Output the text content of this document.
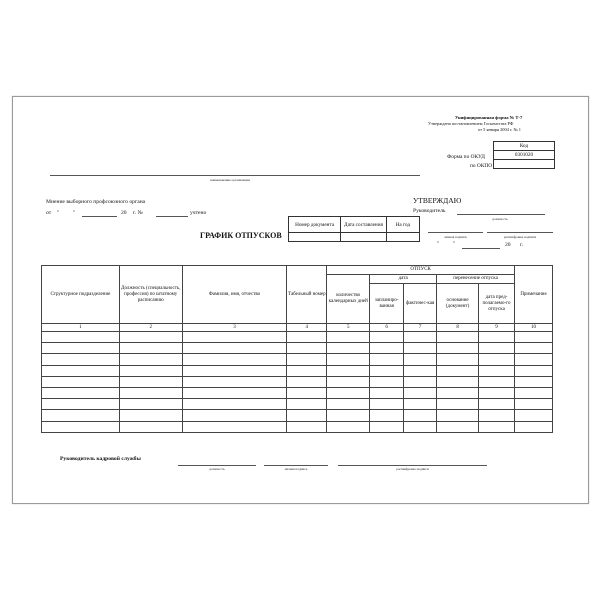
Унифицированная форма № Т-7
Утверждена постановлением Госкомстата РФ
от 5 января 2004 г. № 1
Форма по ОКУД
по ОКПО
Код
0301020

наименование организации
Мнение выборного профсоюзного органа
от " "	20 г. №	учтено
ГРАФИК ОТПУСКОВ
Номер документа	Дата составления	На год

УТВЕРЖДАЮ
Руководитель
должность
личная подпись	расшифровка подписи
" "	20 г.
Структурное подразделение	Должность (специальность, профессия) по штатному расписанию	Фамилия, имя, отчество	Табельный номер	ОТПУСК					Примечание
				количество календарных дней	дата		перенесение отпуска		
					запланиро-ванная	фактичес-кая	основание (документ)	дата пред-полагаемо-го отпуска	
1	2	3	4	5	6	7	8	9	10

Руководитель кадровой службы
должность	личная подпись	расшифровка подписи
